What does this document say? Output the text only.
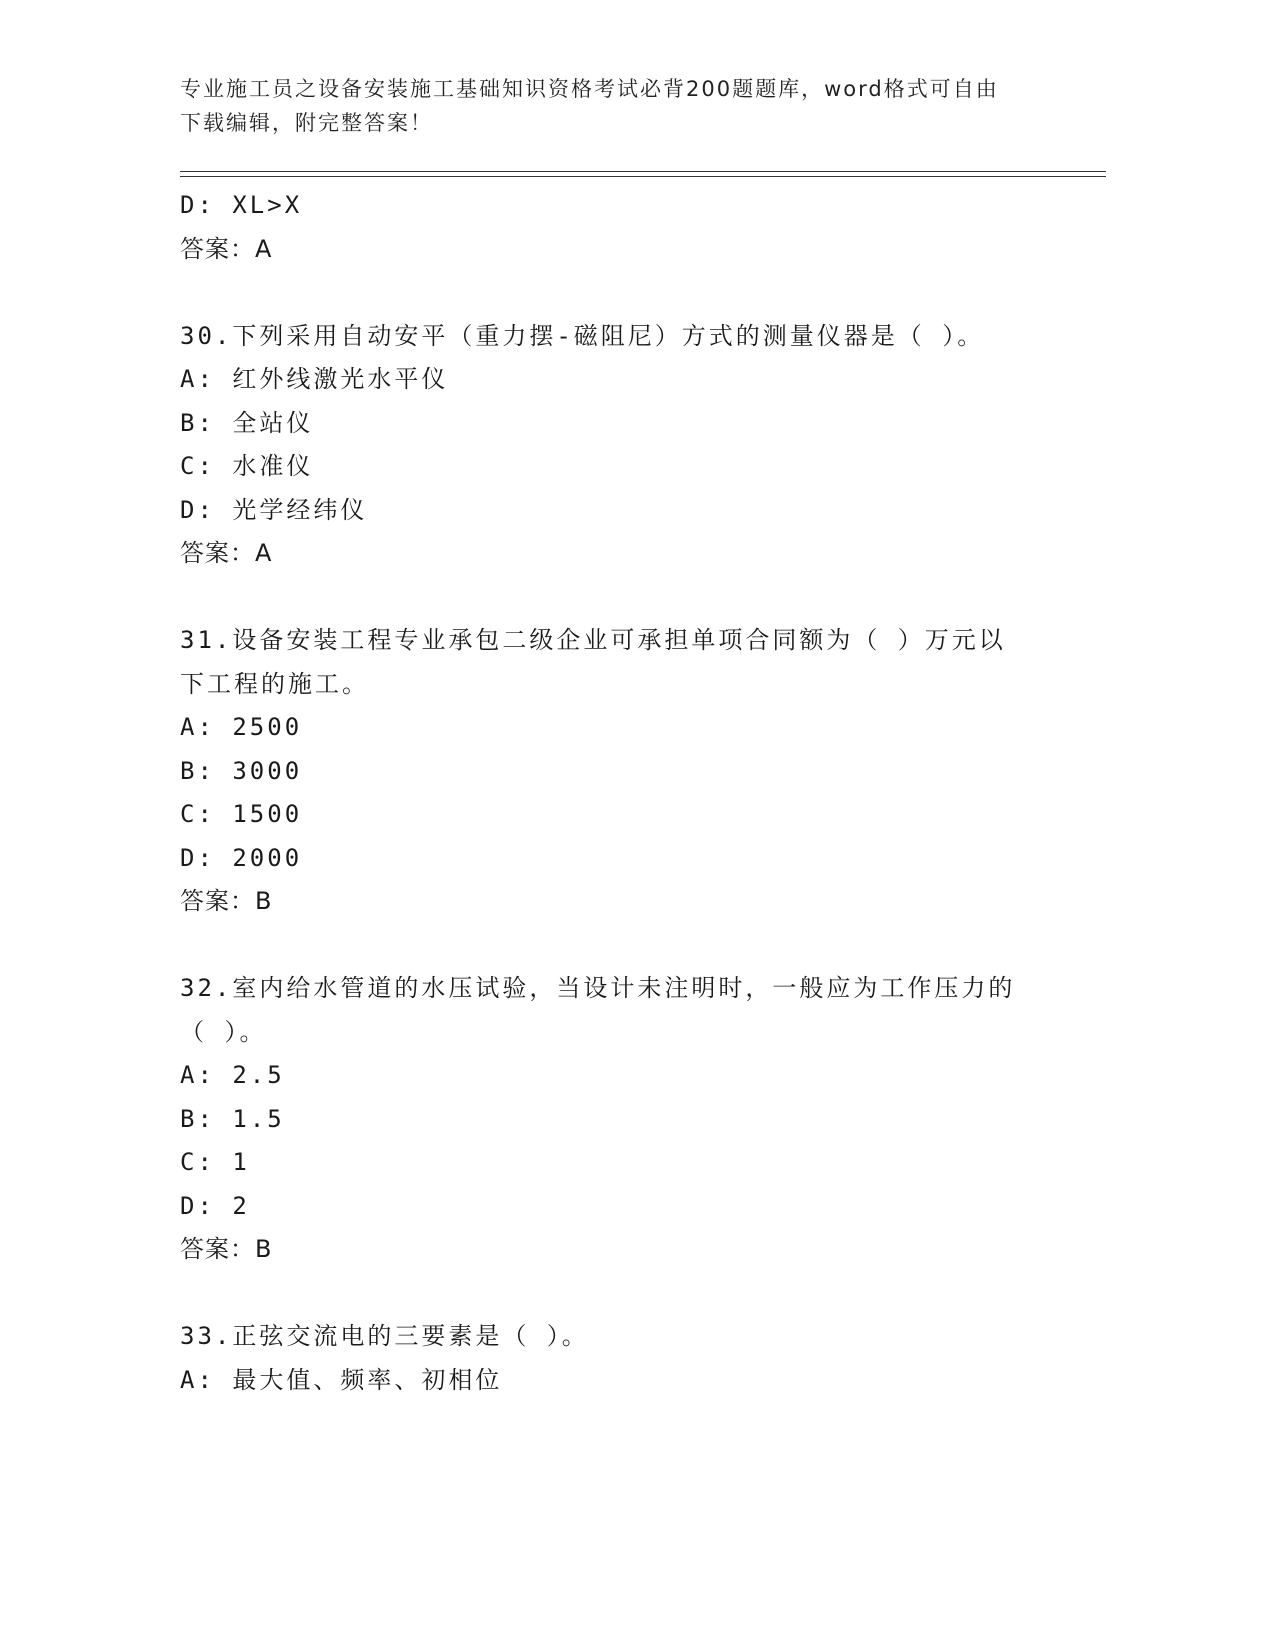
专业施工员之设备安装施工基础知识资格考试必背200题题库，word格式可自由
下载编辑，附完整答案！
D: XL>X
答案：A
30.下列采用自动安平（重力摆-磁阻尼）方式的测量仪器是（ ）。
A: 红外线激光水平仪
B: 全站仪
C: 水准仪
D: 光学经纬仪
答案：A
31.设备安装工程专业承包二级企业可承担单项合同额为（ ）万元以
下工程的施工。
A: 2500
B: 3000
C: 1500
D: 2000
答案：B
32.室内给水管道的水压试验，当设计未注明时，一般应为工作压力的
（ ）。
A: 2.5
B: 1.5
C: 1
D: 2
答案：B
33.正弦交流电的三要素是（ ）。
A: 最大值、频率、初相位
